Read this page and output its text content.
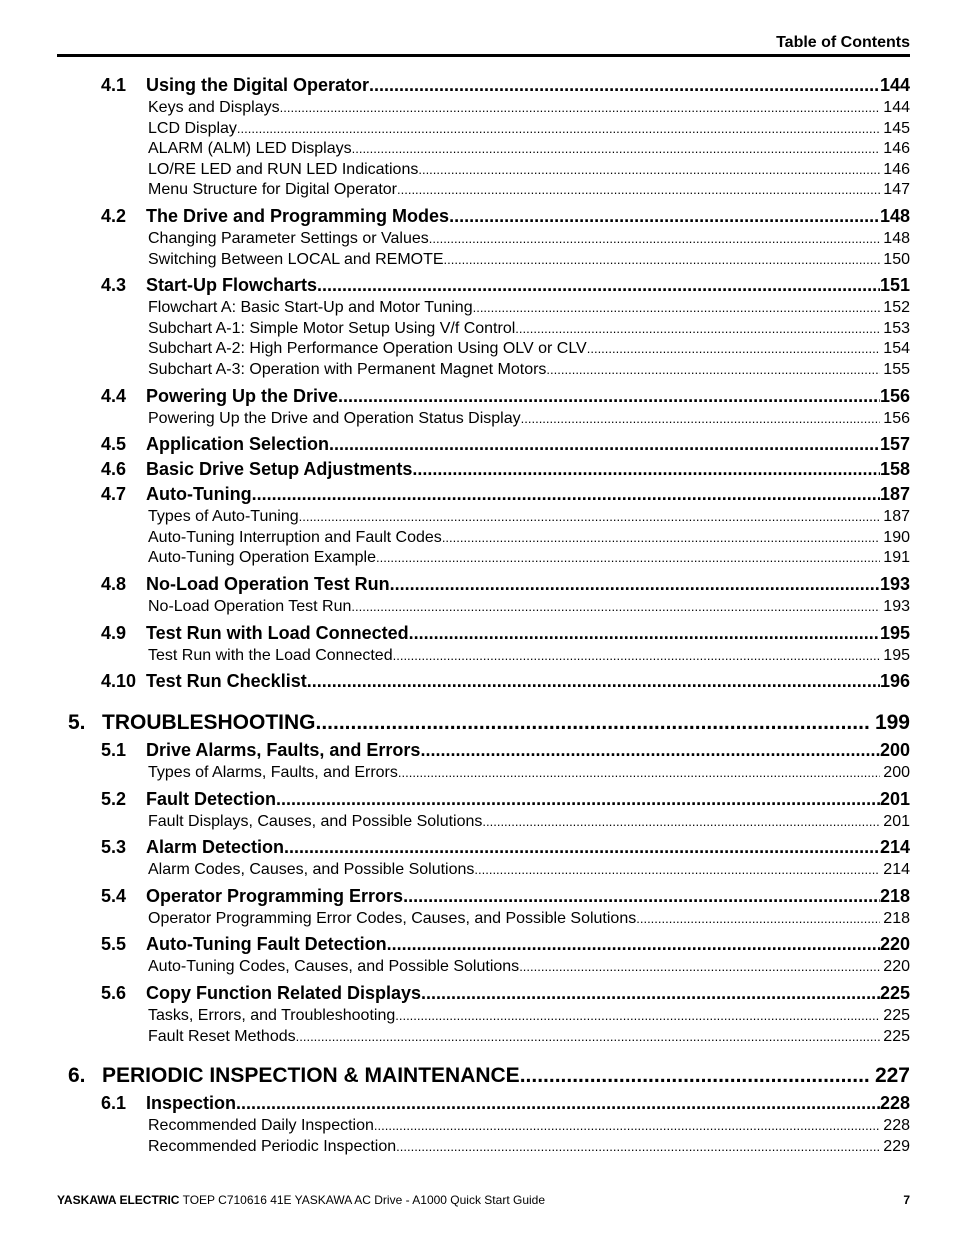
Table of Contents
4.1	Using the Digital Operator .....	144
Keys and Displays .....	144
LCD Display .....	145
ALARM (ALM) LED Displays .....	146
LO/RE LED and RUN LED Indications .....	146
Menu Structure for Digital Operator .....	147
4.2	The Drive and Programming Modes .....	148
Changing Parameter Settings or Values .....	148
Switching Between LOCAL and REMOTE .....	150
4.3	Start-Up Flowcharts .....	151
Flowchart A: Basic Start-Up and Motor Tuning .....	152
Subchart A-1: Simple Motor Setup Using V/f Control .....	153
Subchart A-2: High Performance Operation Using OLV or CLV .....	154
Subchart A-3: Operation with Permanent Magnet Motors .....	155
4.4	Powering Up the Drive .....	156
Powering Up the Drive and Operation Status Display .....	156
4.5	Application Selection .....	157
4.6	Basic Drive Setup Adjustments .....	158
4.7	Auto-Tuning .....	187
Types of Auto-Tuning .....	187
Auto-Tuning Interruption and Fault Codes .....	190
Auto-Tuning Operation Example .....	191
4.8	No-Load Operation Test Run .....	193
No-Load Operation Test Run .....	193
4.9	Test Run with Load Connected .....	195
Test Run with the Load Connected .....	195
4.10 Test Run Checklist .....	196
5. TROUBLESHOOTING .....	199
5.1	Drive Alarms, Faults, and Errors .....	200
Types of Alarms, Faults, and Errors .....	200
5.2	Fault Detection .....	201
Fault Displays, Causes, and Possible Solutions .....	201
5.3	Alarm Detection .....	214
Alarm Codes, Causes, and Possible Solutions .....	214
5.4	Operator Programming Errors .....	218
Operator Programming Error Codes, Causes, and Possible Solutions .....	218
5.5	Auto-Tuning Fault Detection .....	220
Auto-Tuning Codes, Causes, and Possible Solutions .....	220
5.6	Copy Function Related Displays .....	225
Tasks, Errors, and Troubleshooting .....	225
Fault Reset Methods .....	225
6. PERIODIC INSPECTION & MAINTENANCE .....	227
6.1	Inspection .....	228
Recommended Daily Inspection .....	228
Recommended Periodic Inspection .....	229
YASKAWA ELECTRIC TOEP C710616 41E YASKAWA AC Drive - A1000 Quick Start Guide	7
